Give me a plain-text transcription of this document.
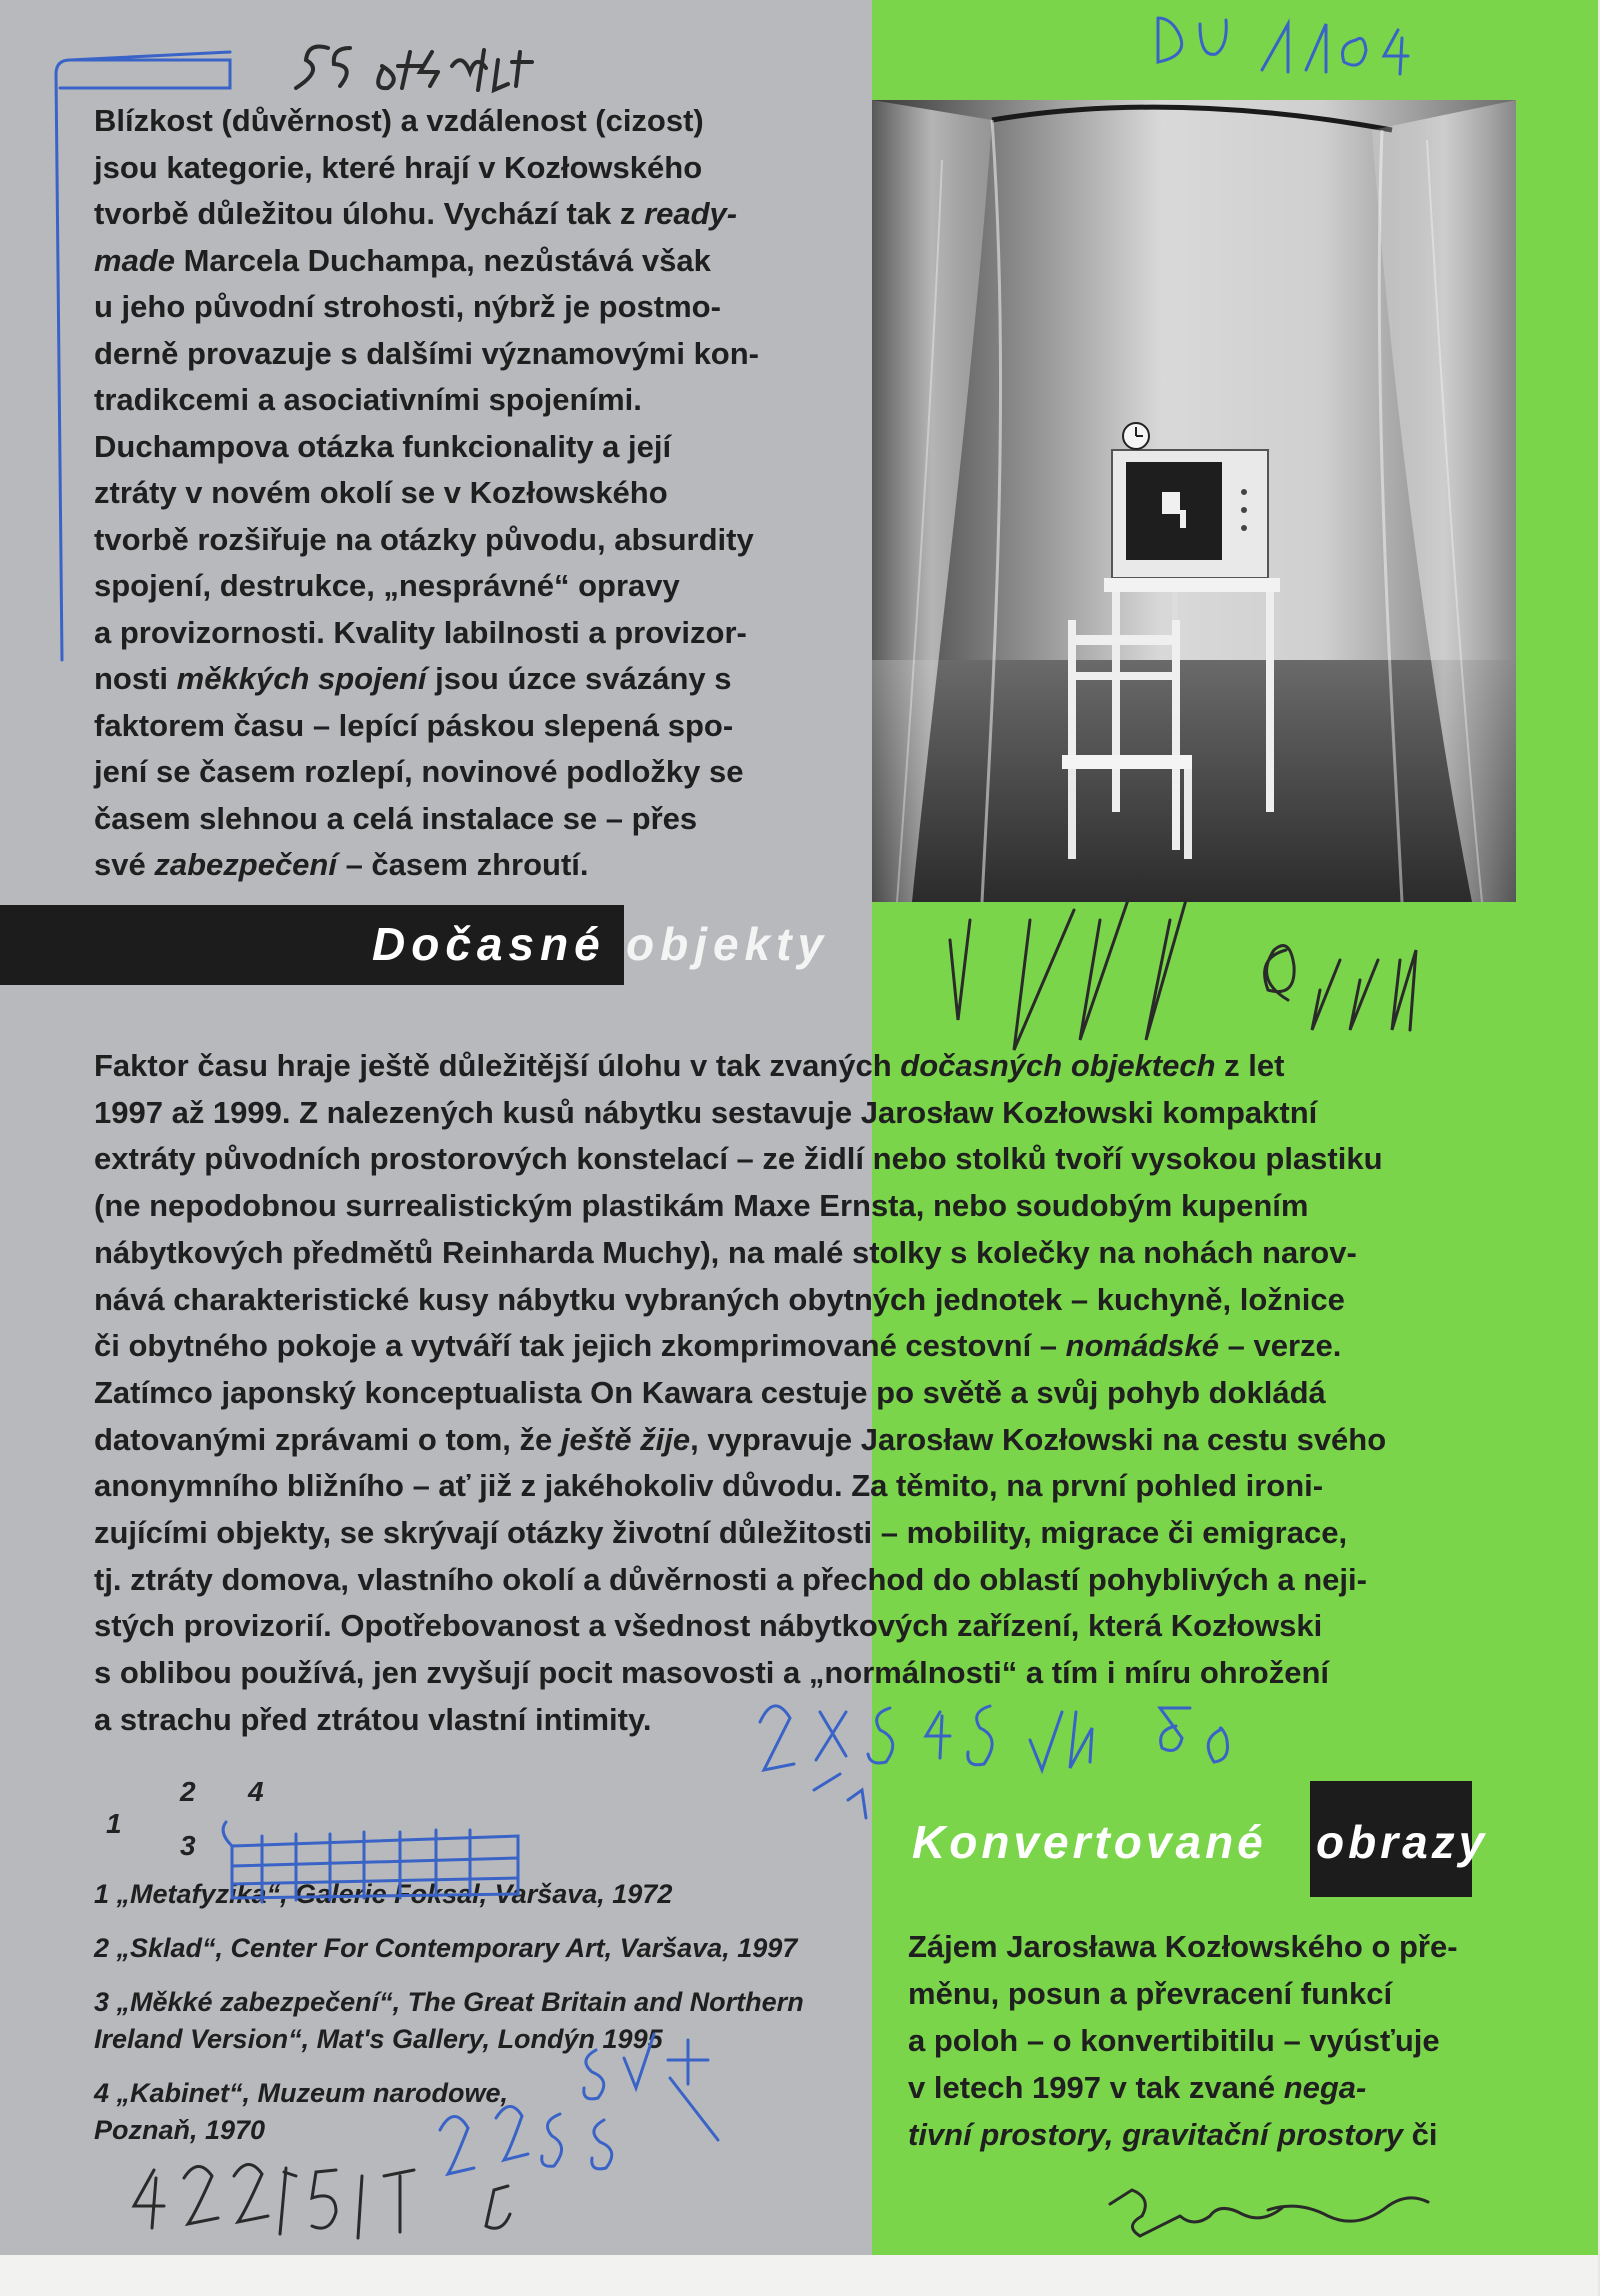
Blízkost (důvěrnost) a vzdálenost (cizost)
jsou kategorie, které hrají v Kozłowského
tvorbě důležitou úlohu. Vychází tak z ready-
made Marcela Duchampa, nezůstává však
u jeho původní strohosti, nýbrž je postmo-
derně provazuje s dalšími významovými kon-
tradikcemi a asociativními spojeními.
Duchampova otázka funkcionality a její
ztráty v novém okolí se v Kozłowského
tvorbě rozšiřuje na otázky původu, absurdity
spojení, destrukce, „nesprávné“ opravy
a provizornosti. Kvality labilnosti a provizor-
nosti měkkých spojení jsou úzce svázány s
faktorem času – lepící páskou slepená spo-
jení se časem rozlepí, novinové podložky se
časem slehnou a celá instalace se – přes
své zabezpečení – časem zhroutí.

Dočasné objekty

Faktor času hraje ještě důležitější úlohu v tak zvaných dočasných objektech z let
1997 až 1999. Z nalezených kusů nábytku sestavuje Jarosław Kozłowski kompaktní
extráty původních prostorových konstelací – ze židlí nebo stolků tvoří vysokou plastiku
(ne nepodobnou surrealistickým plastikám Maxe Ernsta, nebo soudobým kupením
nábytkových předmětů Reinharda Muchy), na malé stolky s kolečky na nohách narov-
nává charakteristické kusy nábytku vybraných obytných jednotek – kuchyně, ložnice
či obytného pokoje a vytváří tak jejich zkomprimované cestovní – nomádské – verze.
Zatímco japonský konceptualista On Kawara cestuje po světě a svůj pohyb dokládá
datovanými zprávami o tom, že ještě žije, vypravuje Jarosław Kozłowski na cestu svého
anonymního bližního – ať již z jakéhokoliv důvodu. Za těmito, na první pohled ironi-
zujícími objekty, se skrývají otázky životní důležitosti – mobility, migrace či emigrace,
tj. ztráty domova, vlastního okolí a důvěrnosti a přechod do oblastí pohyblivých a neji-
stých provizorií. Opotřebovanost a všednost nábytkových zařízení, která Kozłowski
s oblibou používá, jen zvyšují pocit masovosti a „normálnosti“ a tím i míru ohrožení
a strachu před ztrátou vlastní intimity.

1
2
3
4
1 „Metafyzika“, Galerie Foksal, Varšava, 1972
2 „Sklad“, Center For Contemporary Art, Varšava, 1997
3 „Měkké zabezpečení“, The Great Britain and Northern
Ireland Version“, Mat's Gallery, Londýn 1995
4 „Kabinet“, Muzeum narodowe,
Poznaň, 1970
Konvertované obrazy

Zájem Jarosława Kozłowského o pře-
měnu, posun a převracení funkcí
a poloh – o konvertibitilu – vyúsťuje
v letech 1997 v tak zvané nega-
tivní prostory, gravitační prostory či
